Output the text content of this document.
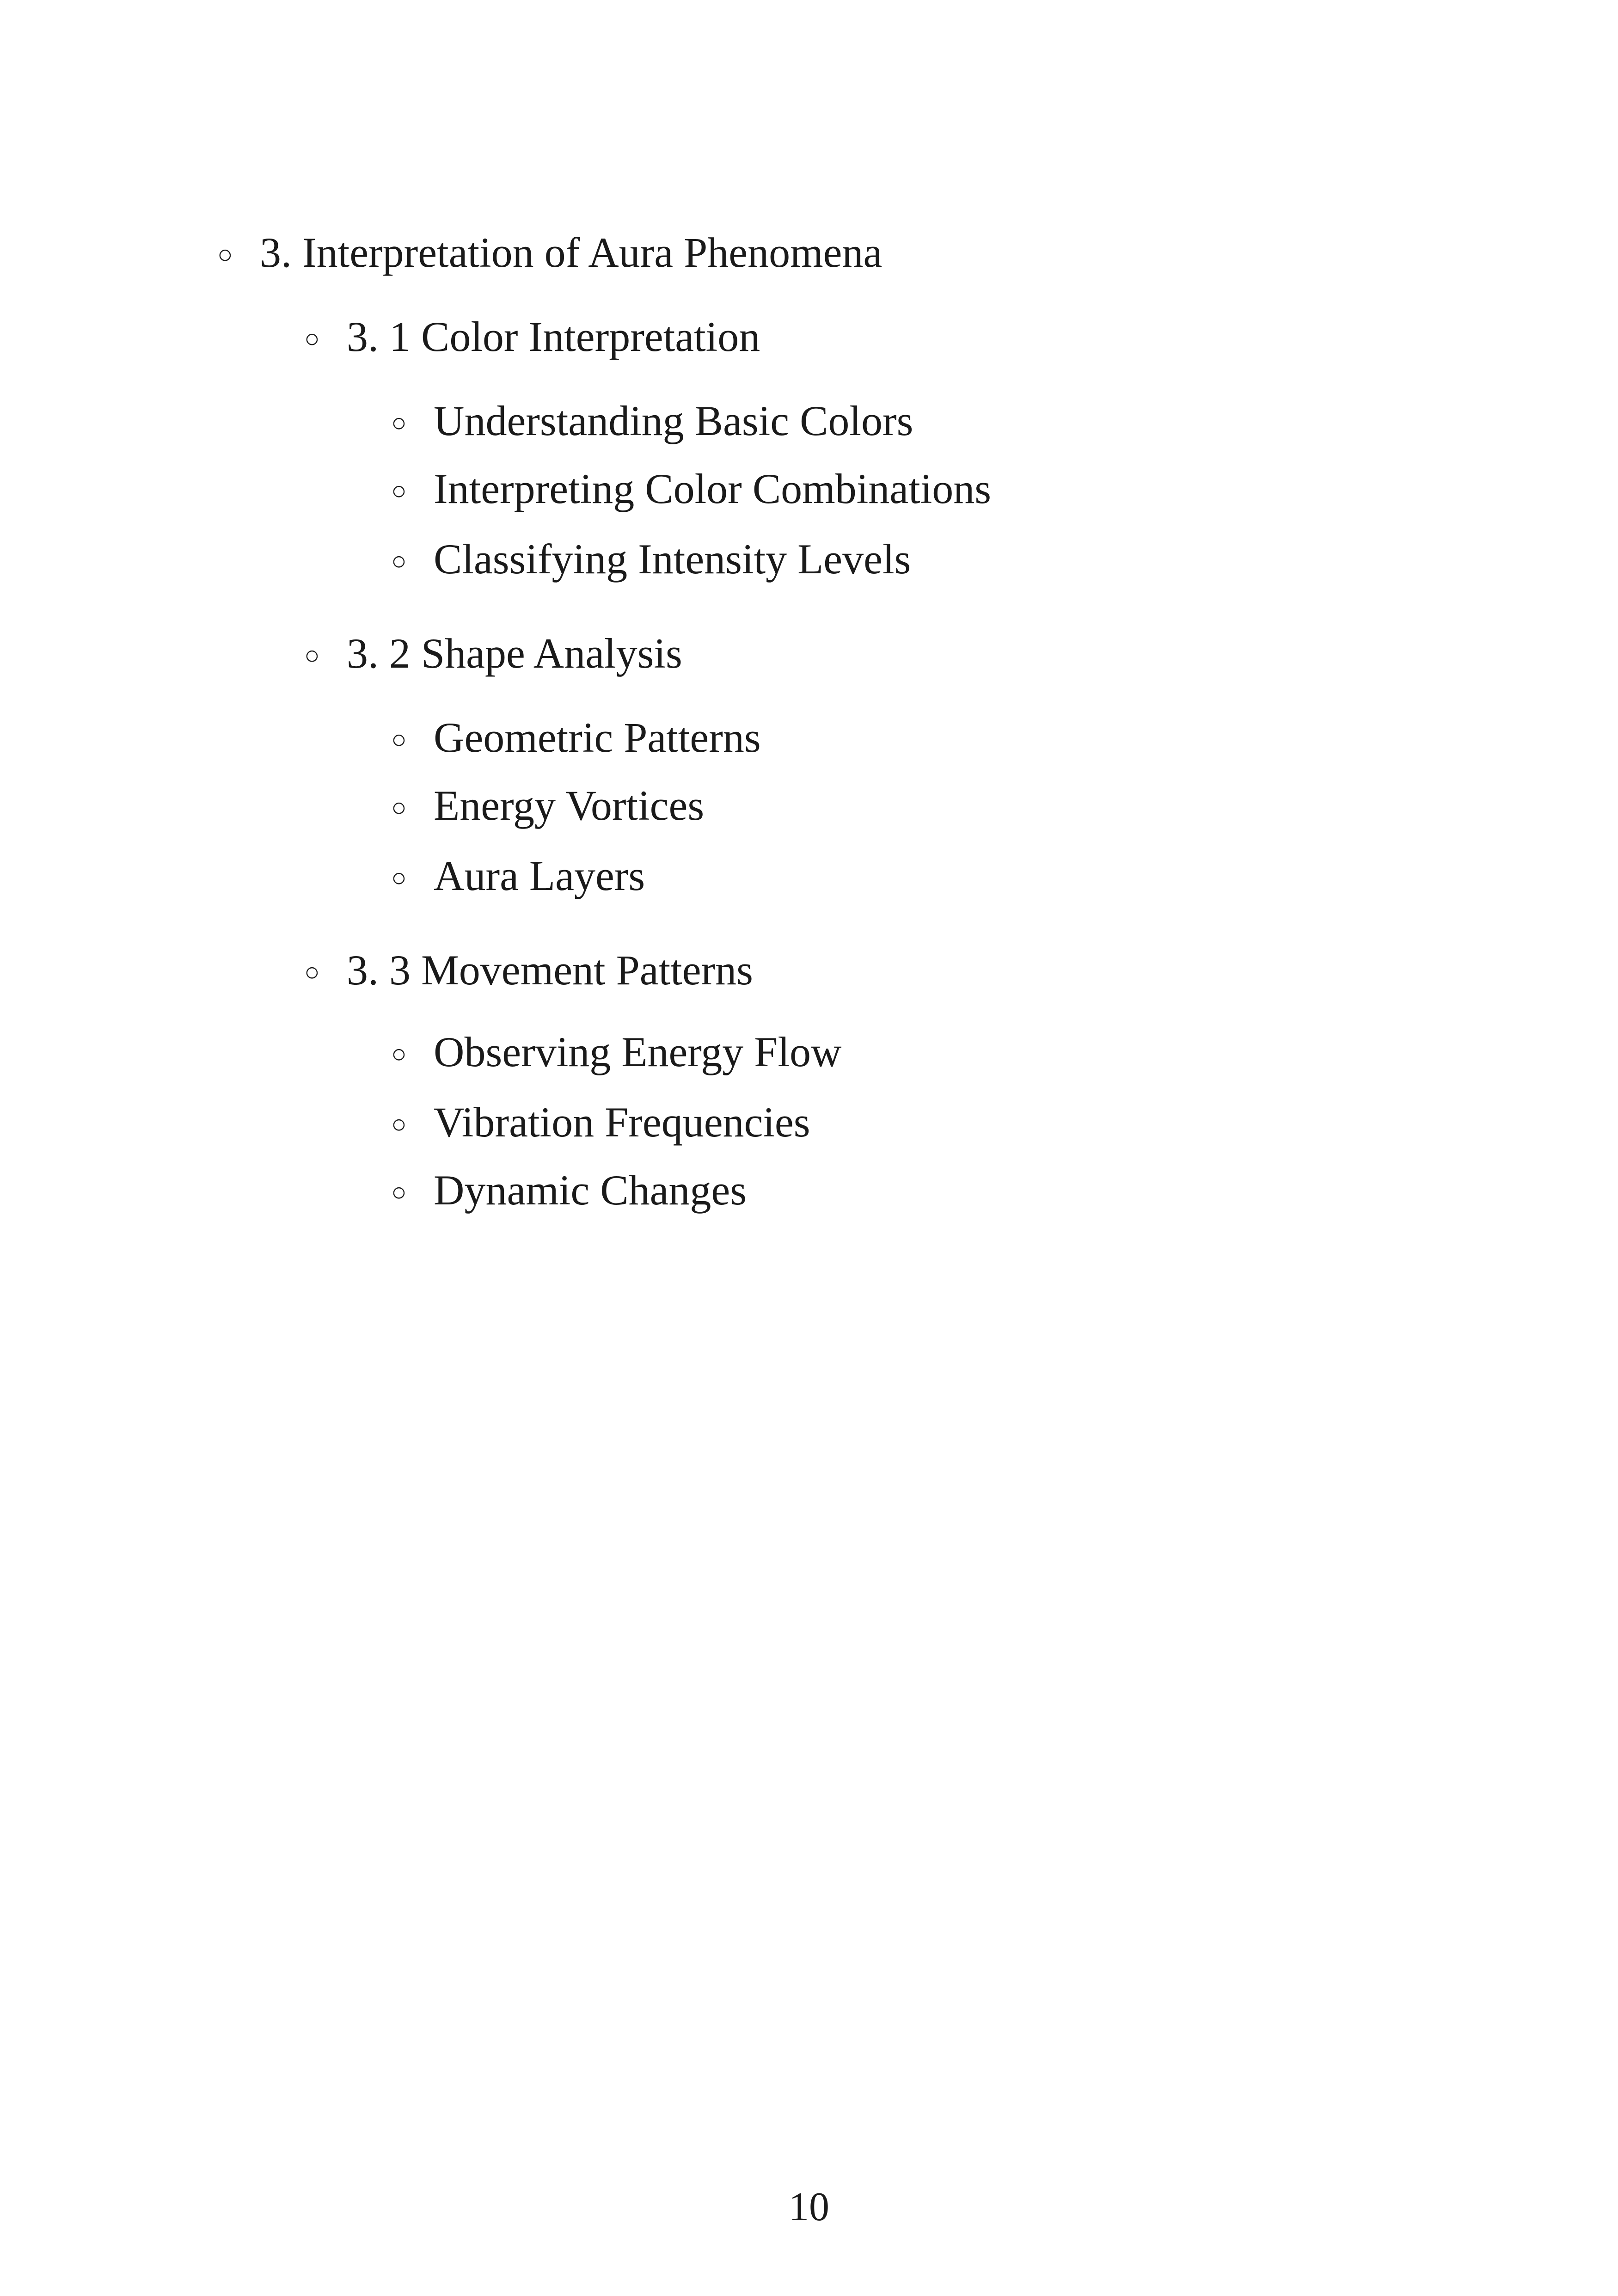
○ 3. Interpretation of Aura Phenomena
○ 3. 1 Color Interpretation
○ Understanding Basic Colors
○ Interpreting Color Combinations
○ Classifying Intensity Levels
○ 3. 2 Shape Analysis
○ Geometric Patterns
○ Energy Vortices
○ Aura Layers
○ 3. 3 Movement Patterns
○ Observing Energy Flow
○ Vibration Frequencies
○ Dynamic Changes
10
